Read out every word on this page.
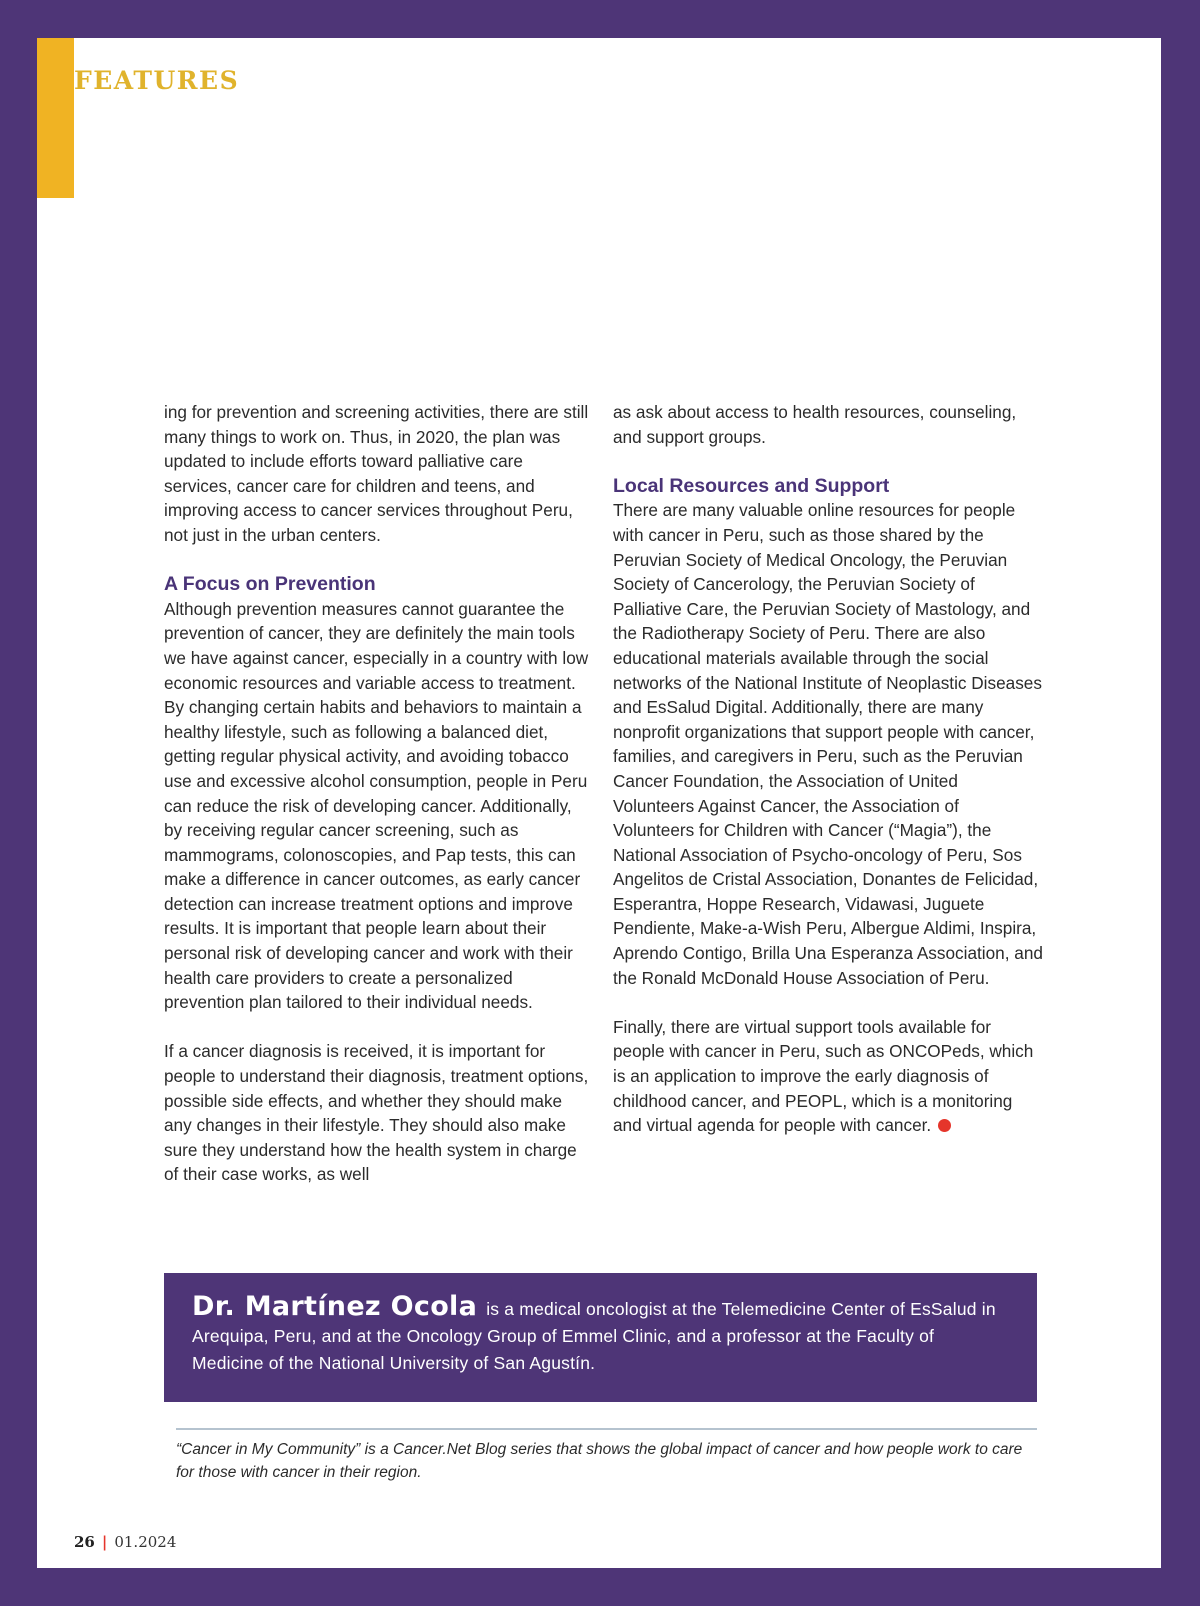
FEATURES

ing for prevention and screening activities, there are still many things to work on. Thus, in 2020, the plan was updated to include efforts toward palliative care services, cancer care for children and teens, and improving access to cancer services throughout Peru, not just in the urban centers.

A Focus on Prevention

Although prevention measures cannot guarantee the prevention of cancer, they are definitely the main tools we have against cancer, especially in a country with low economic resources and variable access to treatment. By changing certain habits and behaviors to maintain a healthy lifestyle, such as following a balanced diet, getting regular physical activity, and avoiding tobacco use and excessive alcohol consumption, people in Peru can reduce the risk of developing cancer. Additionally, by receiving regular cancer screening, such as mammograms, colonoscopies, and Pap tests, this can make a difference in cancer outcomes, as early cancer detection can increase treatment options and improve results. It is important that people learn about their personal risk of developing cancer and work with their health care providers to create a personalized prevention plan tailored to their individual needs.

If a cancer diagnosis is received, it is important for people to understand their diagnosis, treatment options, possible side effects, and whether they should make any changes in their lifestyle. They should also make sure they understand how the health system in charge of their case works, as well

as ask about access to health resources, counseling, and support groups.

Local Resources and Support

There are many valuable online resources for people with cancer in Peru, such as those shared by the Peruvian Society of Medical Oncology, the Peruvian Society of Cancerology, the Peruvian Society of Palliative Care, the Peruvian Society of Mastology, and the Radiotherapy Society of Peru. There are also educational materials available through the social networks of the National Institute of Neoplastic Diseases and EsSalud Digital. Additionally, there are many nonprofit organizations that support people with cancer, families, and caregivers in Peru, such as the Peruvian Cancer Foundation, the Association of United Volunteers Against Cancer, the Association of Volunteers for Children with Cancer (“Magia”), the National Association of Psycho-oncology of Peru, Sos Angelitos de Cristal Association, Donantes de Felicidad, Esperantra, Hoppe Research, Vidawasi, Juguete Pendiente, Make-a-Wish Peru, Albergue Aldimi, Inspira, Aprendo Contigo, Brilla Una Esperanza Association, and the Ronald McDonald House Association of Peru.

Finally, there are virtual support tools available for people with cancer in Peru, such as ONCOPeds, which is an application to improve the early diagnosis of childhood cancer, and PEOPL, which is a monitoring and virtual agenda for people with cancer.

Dr. Martínez Ocola is a medical oncologist at the Telemedicine Center of EsSalud in Arequipa, Peru, and at the Oncology Group of Emmel Clinic, and a professor at the Faculty of Medicine of the National University of San Agustín.
“Cancer in My Community” is a Cancer.Net Blog series that shows the global impact of cancer and how people work to care for those with cancer in their region.
26 | 01.2024
